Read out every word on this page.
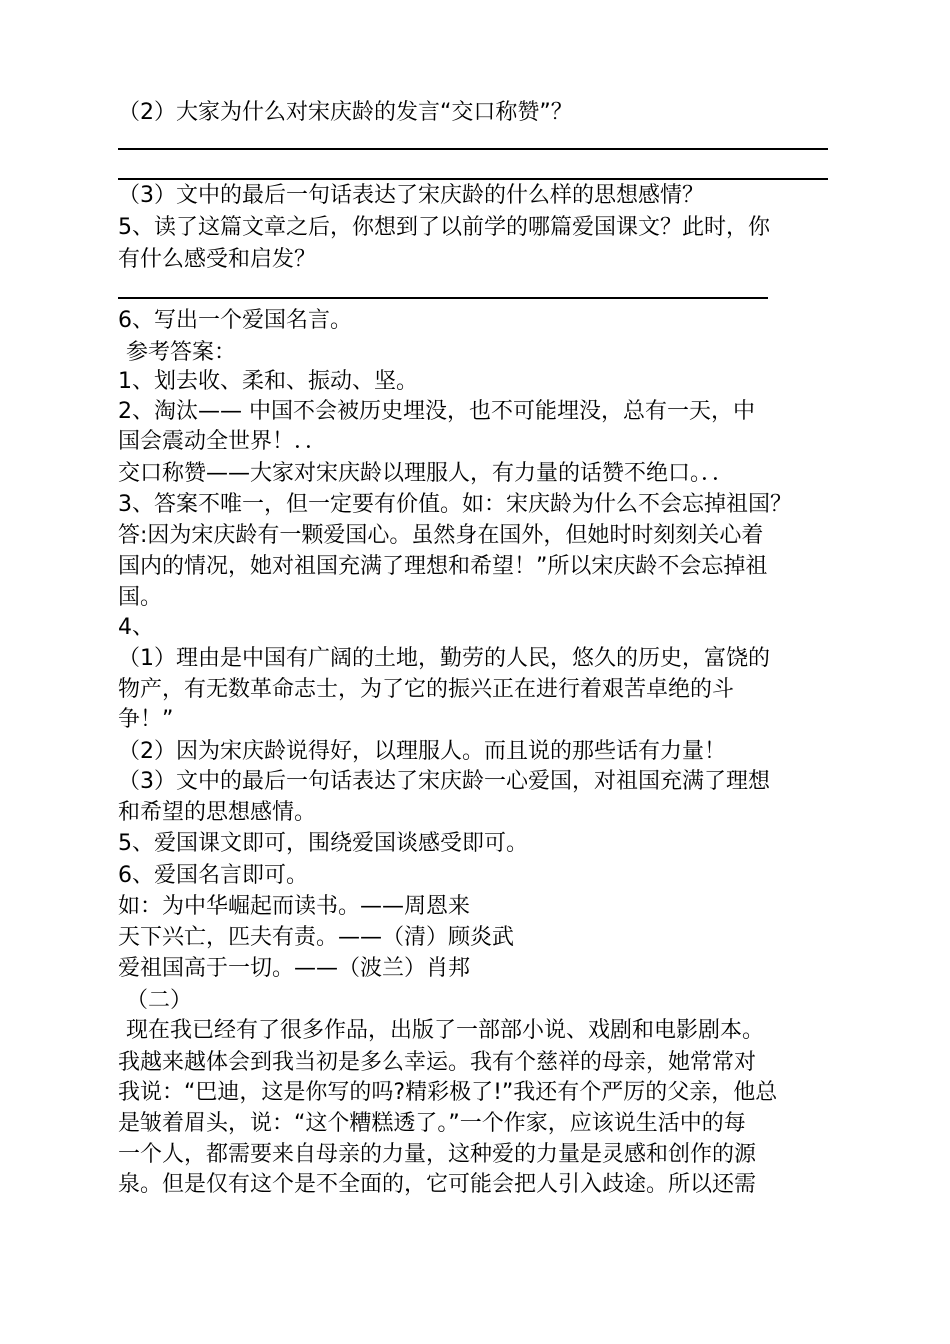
（2）大家为什么对宋庆龄的发言“交口称赞”？
（3）文中的最后一句话表达了宋庆龄的什么样的思想感情？
5、读了这篇文章之后，你想到了以前学的哪篇爱国课文？此时，你
有什么感受和启发？
6、写出一个爱国名言。
参考答案：
1、划去收、柔和、振动、坚。
2、淘汰—— 中国不会被历史埋没，也不可能埋没，总有一天，中
国会震动全世界！．．
交口称赞——大家对宋庆龄以理服人，有力量的话赞不绝口。．．
3、答案不唯一，但一定要有价值。如：宋庆龄为什么不会忘掉祖国？
答:因为宋庆龄有一颗爱国心。虽然身在国外，但她时时刻刻关心着
国内的情况，她对祖国充满了理想和希望！”所以宋庆龄不会忘掉祖
国。
4、
（1）理由是中国有广阔的土地，勤劳的人民，悠久的历史，富饶的
物产，有无数革命志士，为了它的振兴正在进行着艰苦卓绝的斗
争！”
（2）因为宋庆龄说得好，以理服人。而且说的那些话有力量！
（3）文中的最后一句话表达了宋庆龄一心爱国，对祖国充满了理想
和希望的思想感情。
5、爱国课文即可，围绕爱国谈感受即可。
6、爱国名言即可。
如：为中华崛起而读书。——周恩来
天下兴亡，匹夫有责。——（清）顾炎武
爱祖国高于一切。——（波兰）肖邦
（二）
现在我已经有了很多作品，出版了一部部小说、戏剧和电影剧本。
我越来越体会到我当初是多么幸运。我有个慈祥的母亲，她常常对
我说：“巴迪，这是你写的吗?精彩极了!”我还有个严厉的父亲，他总
是皱着眉头，说：“这个糟糕透了。”一个作家，应该说生活中的每
一个人，都需要来自母亲的力量，这种爱的力量是灵感和创作的源
泉。但是仅有这个是不全面的，它可能会把人引入歧途。所以还需
